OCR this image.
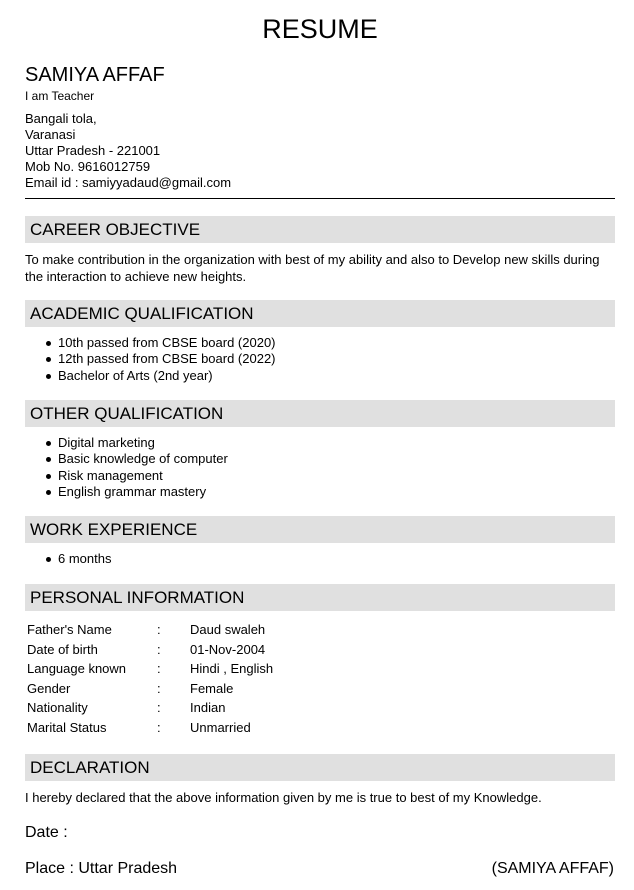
RESUME
SAMIYA AFFAF
I am Teacher
Bangali tola,
Varanasi
Uttar Pradesh - 221001
Mob No. 9616012759
Email id : samiyyadaud@gmail.com
CAREER OBJECTIVE
To make contribution in the organization with best of my ability and also to Develop new skills during the interaction to achieve new heights.
ACADEMIC QUALIFICATION
10th passed from CBSE board (2020)
12th passed from CBSE board (2022)
Bachelor of Arts (2nd year)
OTHER QUALIFICATION
Digital marketing
Basic knowledge of computer
Risk management
English grammar mastery
WORK EXPERIENCE
6 months
PERSONAL INFORMATION
Father's Name	: Daud swaleh
Date of birth	: 01-Nov-2004
Language known : Hindi , English
Gender	: Female
Nationality	: Indian
Marital Status	: Unmarried
DECLARATION
I hereby declared that the above information given by me is true to best of my Knowledge.
Date :
Place : Uttar Pradesh	(SAMIYA AFFAF)
